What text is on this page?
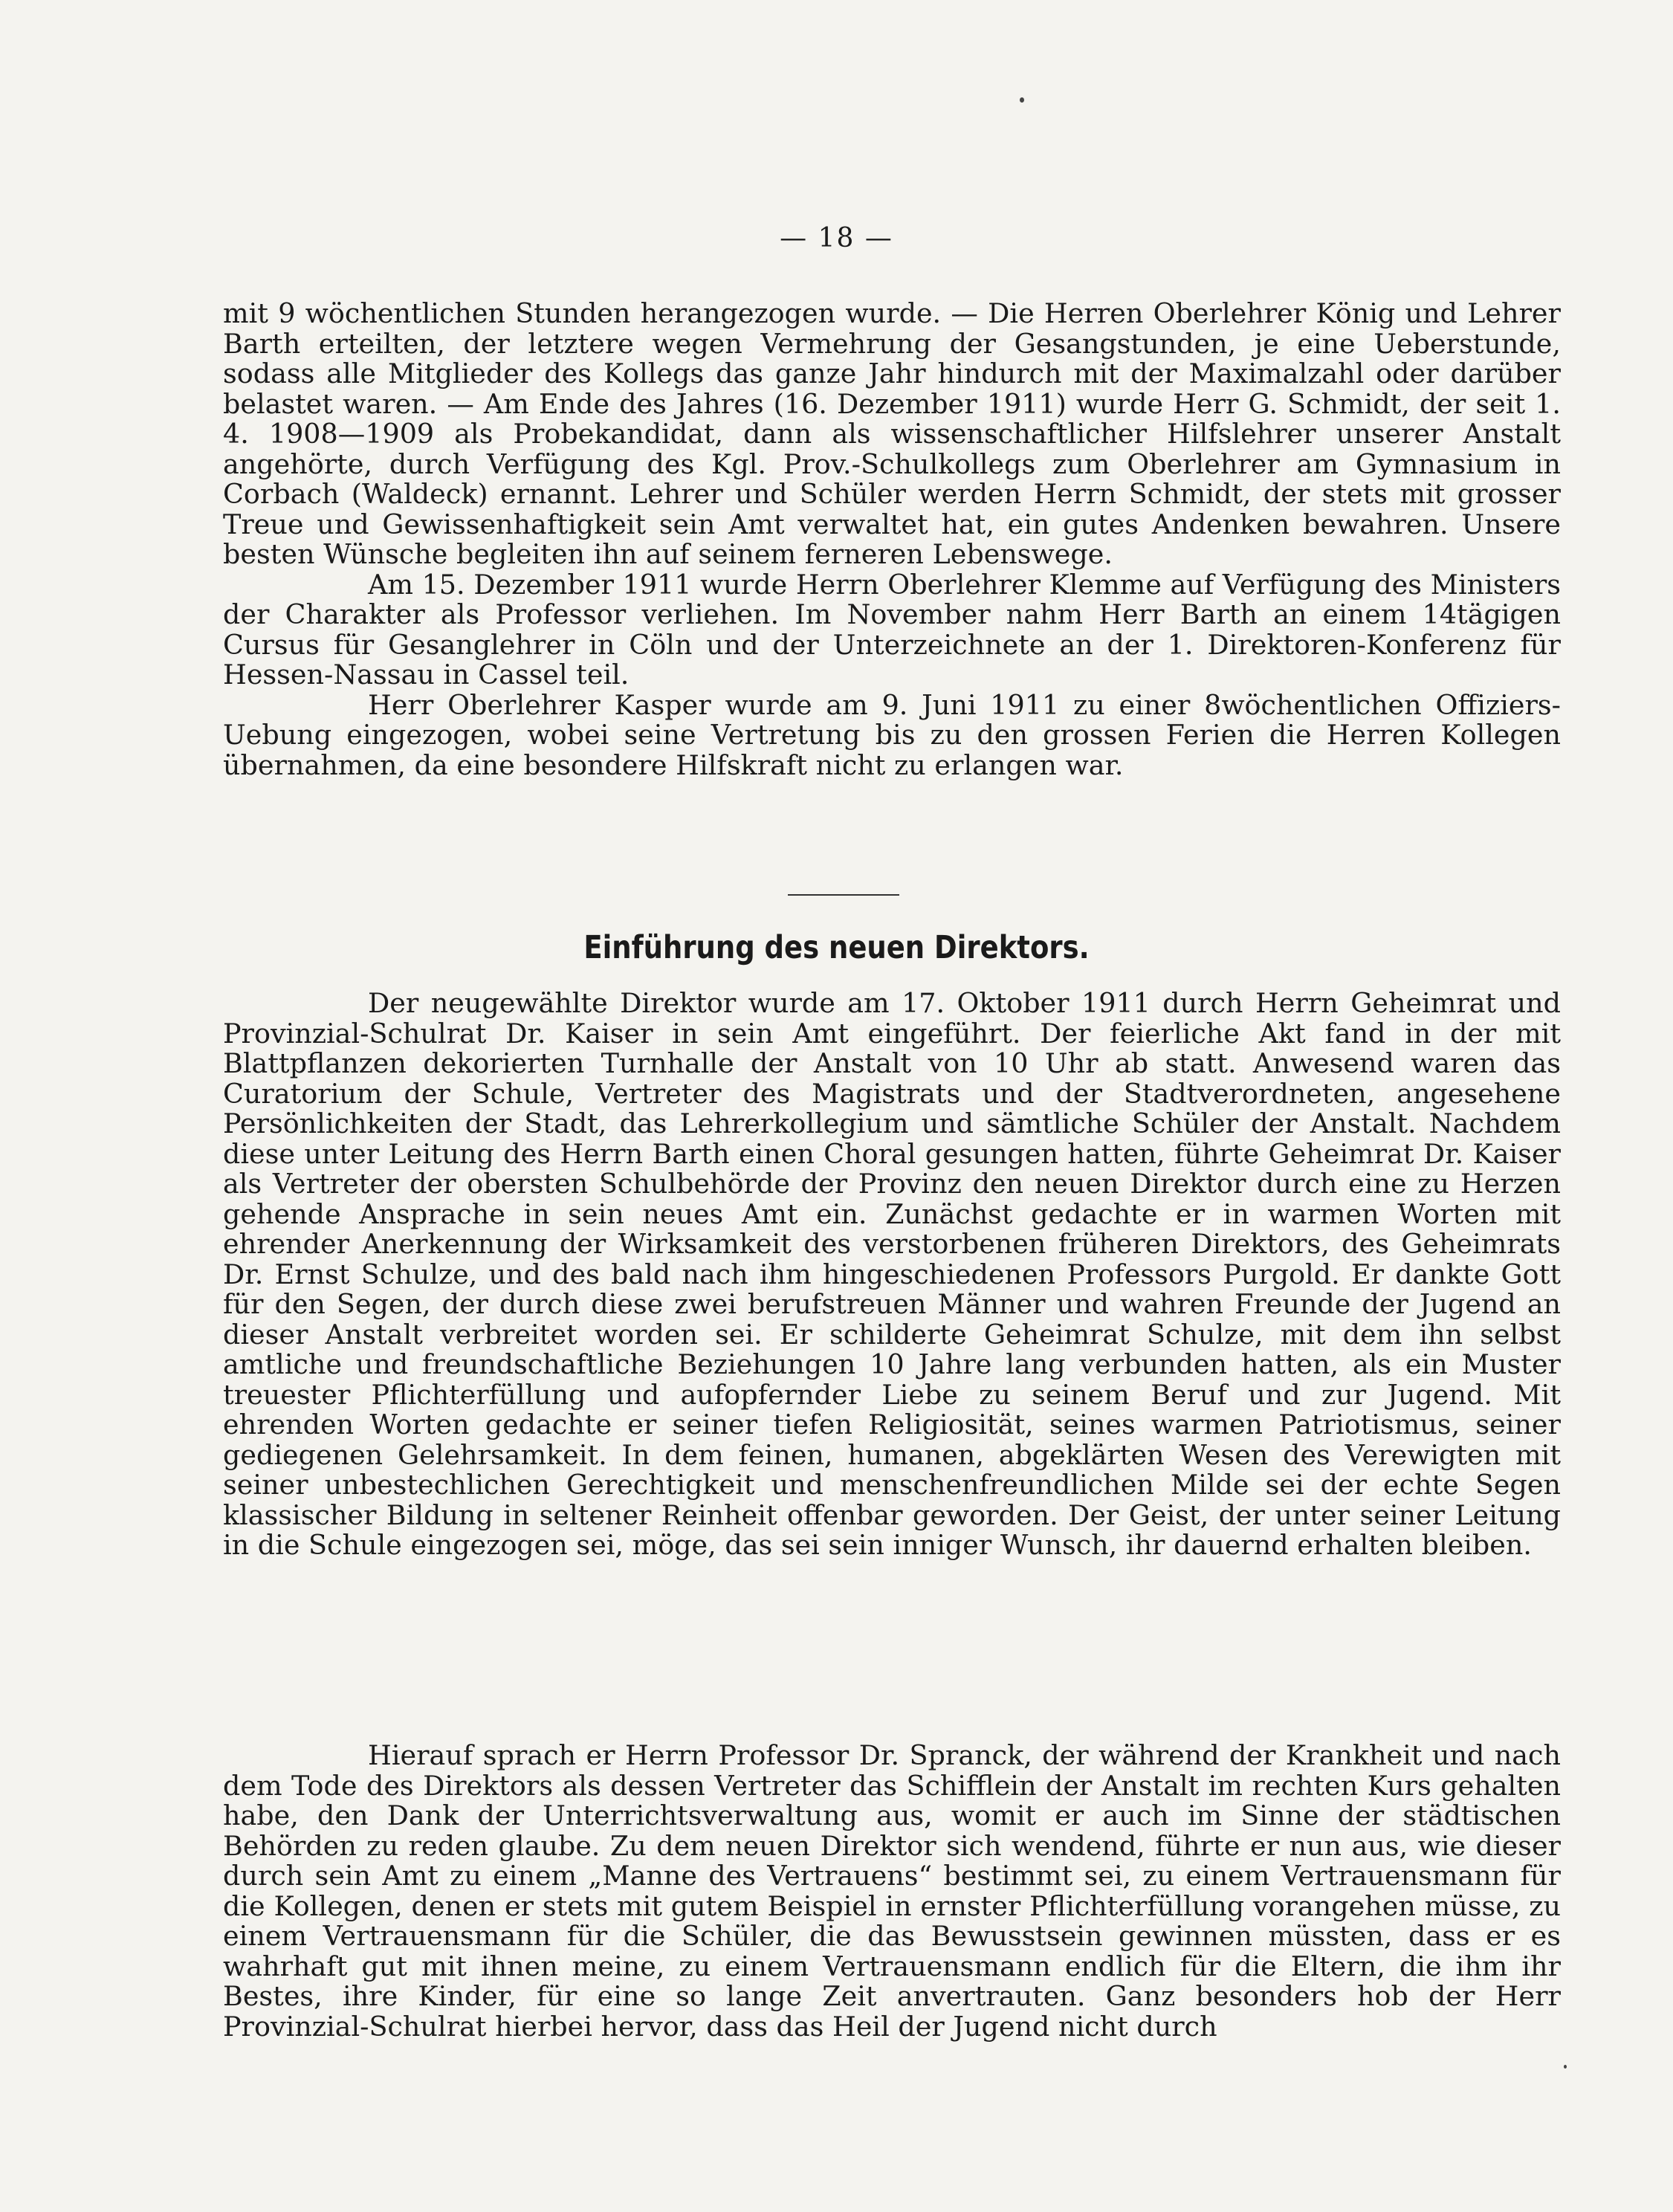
— 18 —

mit 9 wöchentlichen Stunden herangezogen wurde. — Die Herren Oberlehrer König und Lehrer Barth erteilten, der letztere wegen Vermehrung der Gesangstunden, je eine Ueberstunde, sodass alle Mitglieder des Kollegs das ganze Jahr hindurch mit der Maximalzahl oder darüber belastet waren. — Am Ende des Jahres (16. Dezember 1911) wurde Herr G. Schmidt, der seit 1. 4. 1908—1909 als Probekandidat, dann als wissenschaftlicher Hilfslehrer unserer Anstalt angehörte, durch Verfügung des Kgl. Prov.-Schulkollegs zum Oberlehrer am Gymnasium in Corbach (Waldeck) ernannt. Lehrer und Schüler werden Herrn Schmidt, der stets mit grosser Treue und Gewissenhaftigkeit sein Amt verwaltet hat, ein gutes Andenken bewahren. Unsere besten Wünsche begleiten ihn auf seinem ferneren Lebenswege.

Am 15. Dezember 1911 wurde Herrn Oberlehrer Klemme auf Verfügung des Ministers der Charakter als Professor verliehen. Im November nahm Herr Barth an einem 14tägigen Cursus für Gesanglehrer in Cöln und der Unterzeichnete an der 1. Direktoren-Konferenz für Hessen-Nassau in Cassel teil.

Herr Oberlehrer Kasper wurde am 9. Juni 1911 zu einer 8wöchentlichen Offiziers-Uebung eingezogen, wobei seine Vertretung bis zu den grossen Ferien die Herren Kollegen übernahmen, da eine besondere Hilfskraft nicht zu erlangen war.

Einführung des neuen Direktors.

Der neugewählte Direktor wurde am 17. Oktober 1911 durch Herrn Geheimrat und Provinzial-Schulrat Dr. Kaiser in sein Amt eingeführt. Der feierliche Akt fand in der mit Blattpflanzen dekorierten Turnhalle der Anstalt von 10 Uhr ab statt. Anwesend waren das Curatorium der Schule, Vertreter des Magistrats und der Stadtverordneten, angesehene Persönlichkeiten der Stadt, das Lehrerkollegium und sämtliche Schüler der Anstalt. Nachdem diese unter Leitung des Herrn Barth einen Choral gesungen hatten, führte Geheimrat Dr. Kaiser als Vertreter der obersten Schulbehörde der Provinz den neuen Direktor durch eine zu Herzen gehende Ansprache in sein neues Amt ein. Zunächst gedachte er in warmen Worten mit ehrender Anerkennung der Wirksamkeit des verstorbenen früheren Direktors, des Geheimrats Dr. Ernst Schulze, und des bald nach ihm hingeschiedenen Professors Purgold. Er dankte Gott für den Segen, der durch diese zwei berufstreuen Männer und wahren Freunde der Jugend an dieser Anstalt verbreitet worden sei. Er schilderte Geheimrat Schulze, mit dem ihn selbst amtliche und freundschaftliche Beziehungen 10 Jahre lang verbunden hatten, als ein Muster treuester Pflichterfüllung und aufopfernder Liebe zu seinem Beruf und zur Jugend. Mit ehrenden Worten gedachte er seiner tiefen Religiosität, seines warmen Patriotismus, seiner gediegenen Gelehrsamkeit. In dem feinen, humanen, abgeklärten Wesen des Verewigten mit seiner unbestechlichen Gerechtigkeit und menschenfreundlichen Milde sei der echte Segen klassischer Bildung in seltener Reinheit offenbar geworden. Der Geist, der unter seiner Leitung in die Schule eingezogen sei, möge, das sei sein inniger Wunsch, ihr dauernd erhalten bleiben.

Hierauf sprach er Herrn Professor Dr. Spranck, der während der Krankheit und nach dem Tode des Direktors als dessen Vertreter das Schifflein der Anstalt im rechten Kurs gehalten habe, den Dank der Unterrichtsverwaltung aus, womit er auch im Sinne der städtischen Behörden zu reden glaube. Zu dem neuen Direktor sich wendend, führte er nun aus, wie dieser durch sein Amt zu einem „Manne des Vertrauens“ bestimmt sei, zu einem Vertrauensmann für die Kollegen, denen er stets mit gutem Beispiel in ernster Pflichterfüllung vorangehen müsse, zu einem Vertrauensmann für die Schüler, die das Bewusstsein gewinnen müssten, dass er es wahrhaft gut mit ihnen meine, zu einem Vertrauensmann endlich für die Eltern, die ihm ihr Bestes, ihre Kinder, für eine so lange Zeit anvertrauten. Ganz besonders hob der Herr Provinzial-Schulrat hierbei hervor, dass das Heil der Jugend nicht durch
